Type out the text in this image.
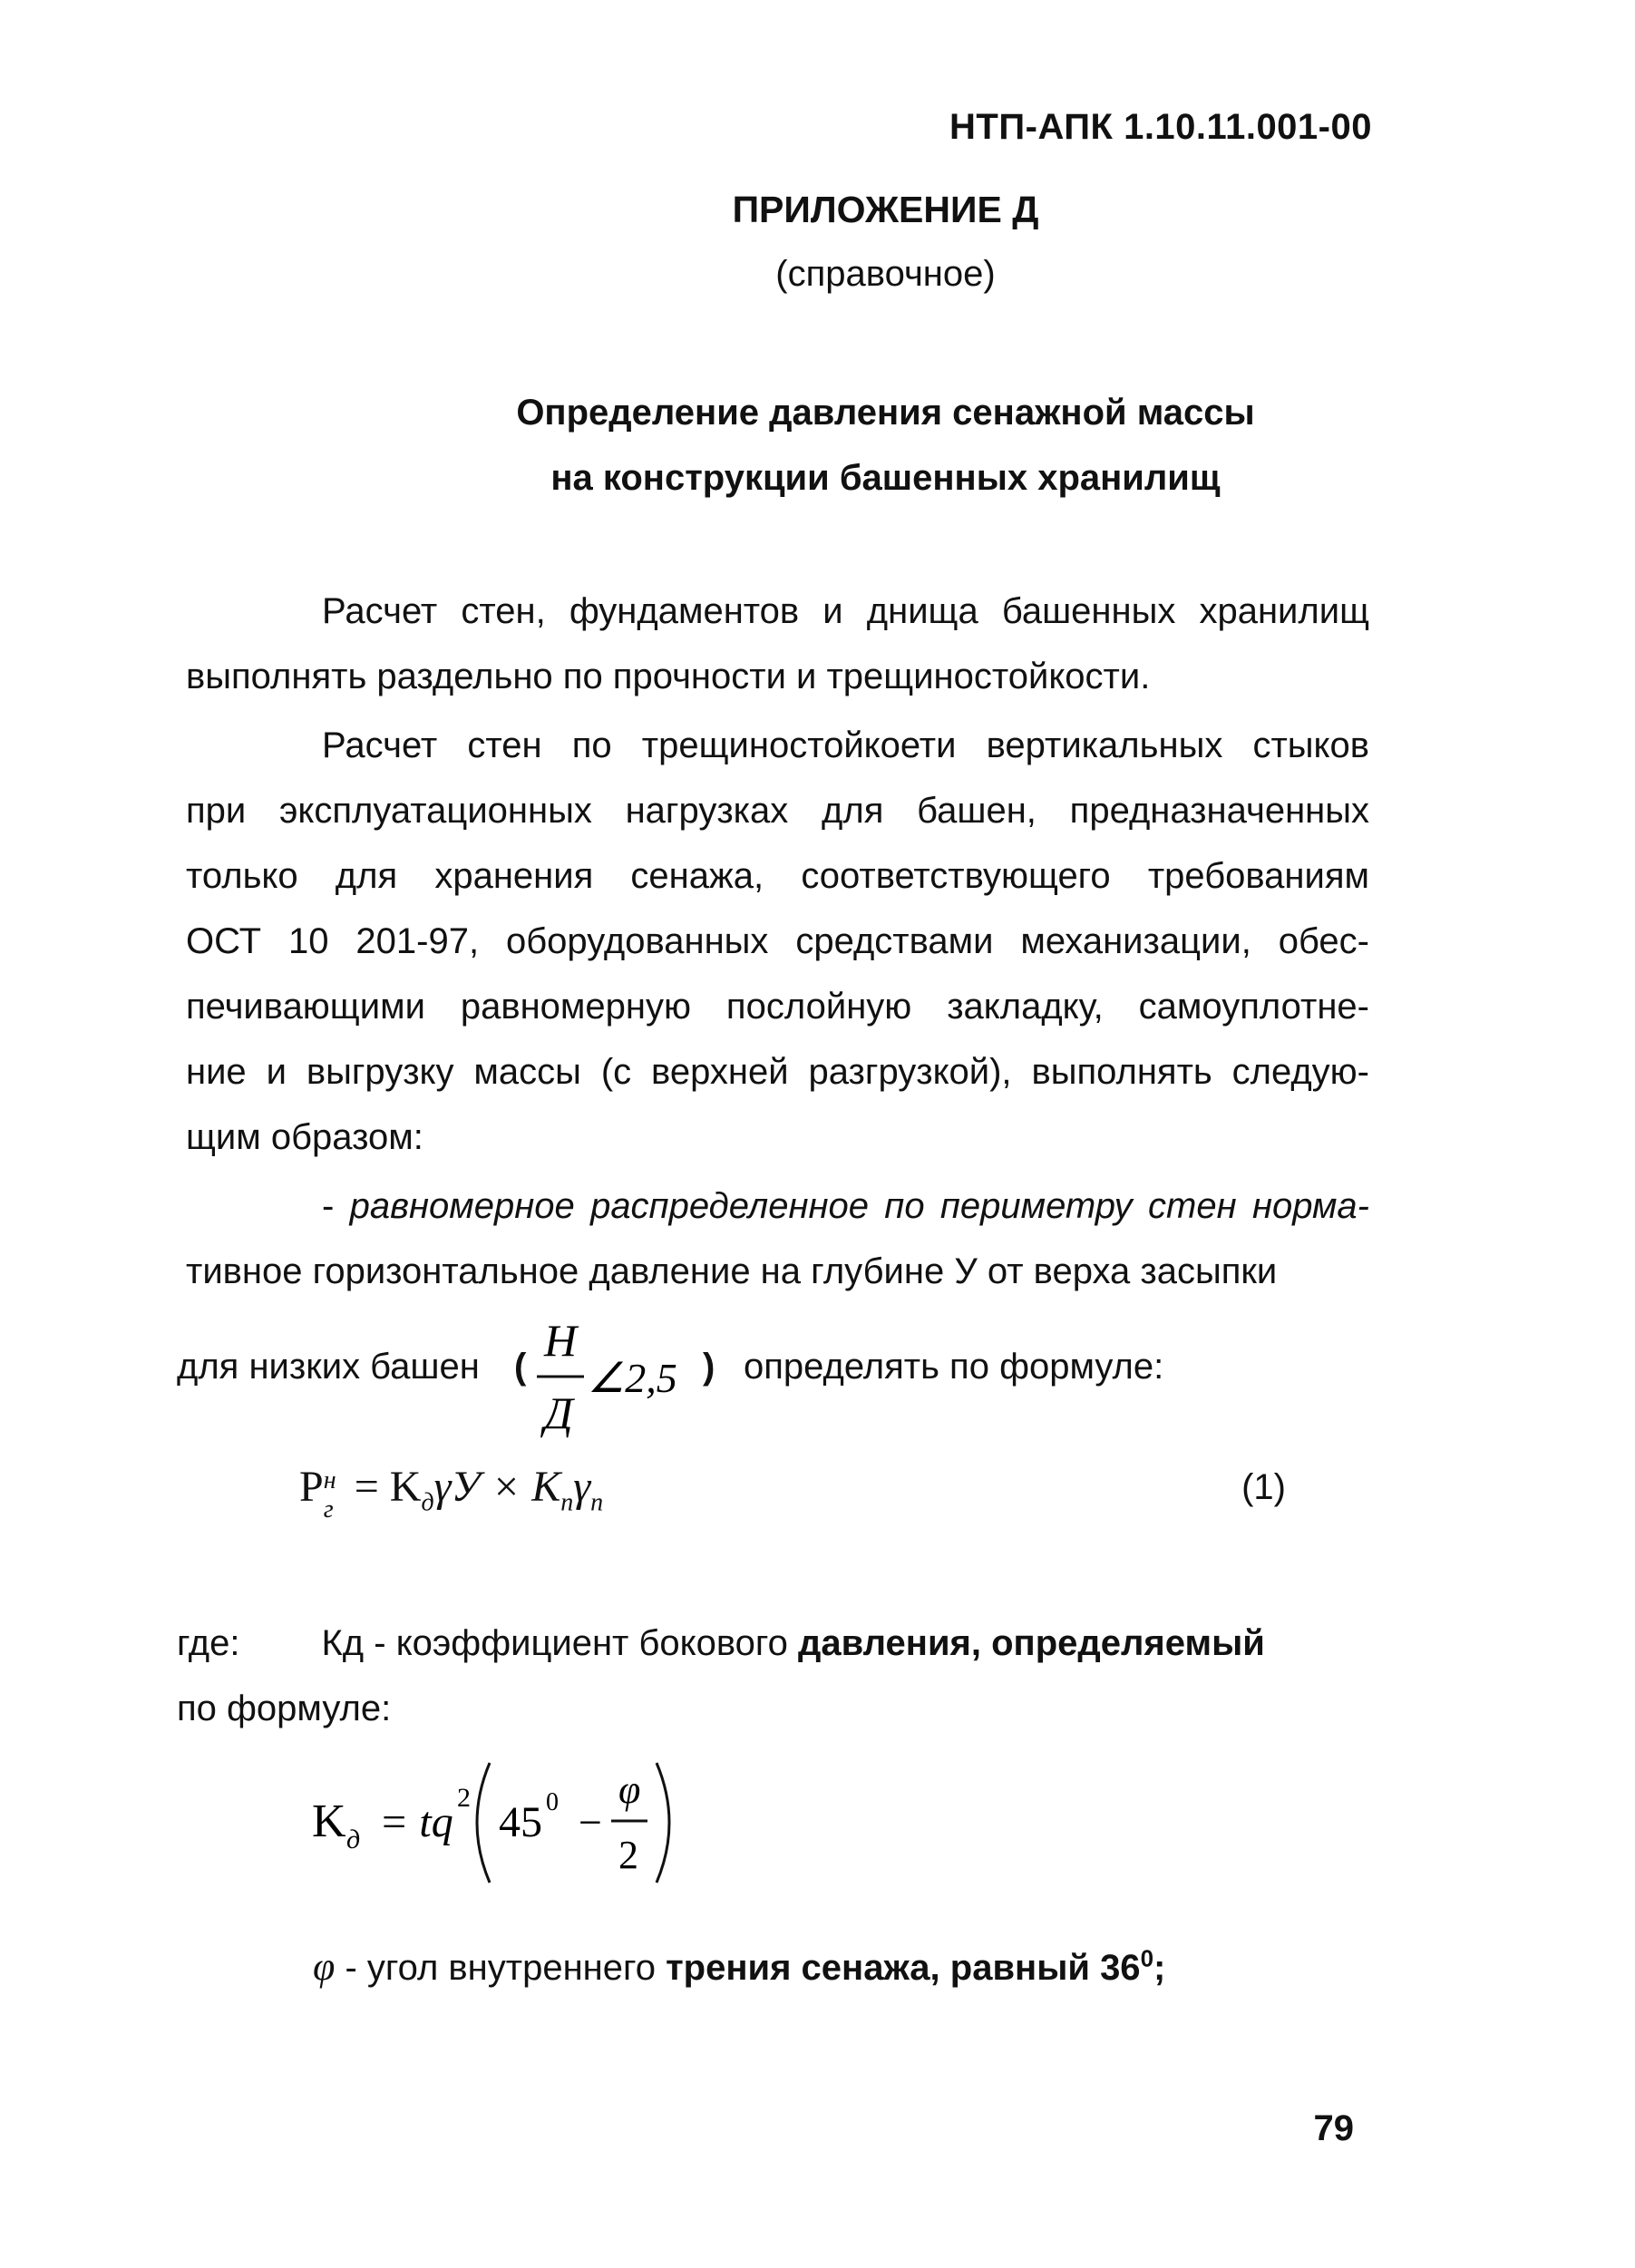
НТП-АПК 1.10.11.001-00
ПРИЛОЖЕНИЕ Д
(справочное)
Определение давления сенажной массы
на конструкции башенных хранилищ
Расчет стен, фундаментов и днища башенных хранилищ
выполнять раздельно по прочности и трещиностойкости.
Расчет стен по трещиностойкоети вертикальных стыков
при эксплуатационных нагрузках для башен, предназначенных
только для хранения сенажа, соответствующего требованиям
ОСТ 10 201-97, оборудованных средствами механизации, обес-
печивающими равномерную послойную закладку, самоуплотне-
ние и выгрузку массы (с верхней разгрузкой), выполнять следую-
щим образом:
- равномерное распределенное по периметру стен норма-
тивное горизонтальное давление на глубине У от верха засыпки
для низких башен (
H
Д
∠2,5 ) определять по формуле:
P н
$г = K_д\gamma У \times K_n\gamma_n$	(1)
где: Кд - коэффициент бокового давления, определяемый
по формуле:
K д = tq
2
45 0 −
φ
2
φ - угол внутреннего трения сенажа, равный $36^0$;
79
